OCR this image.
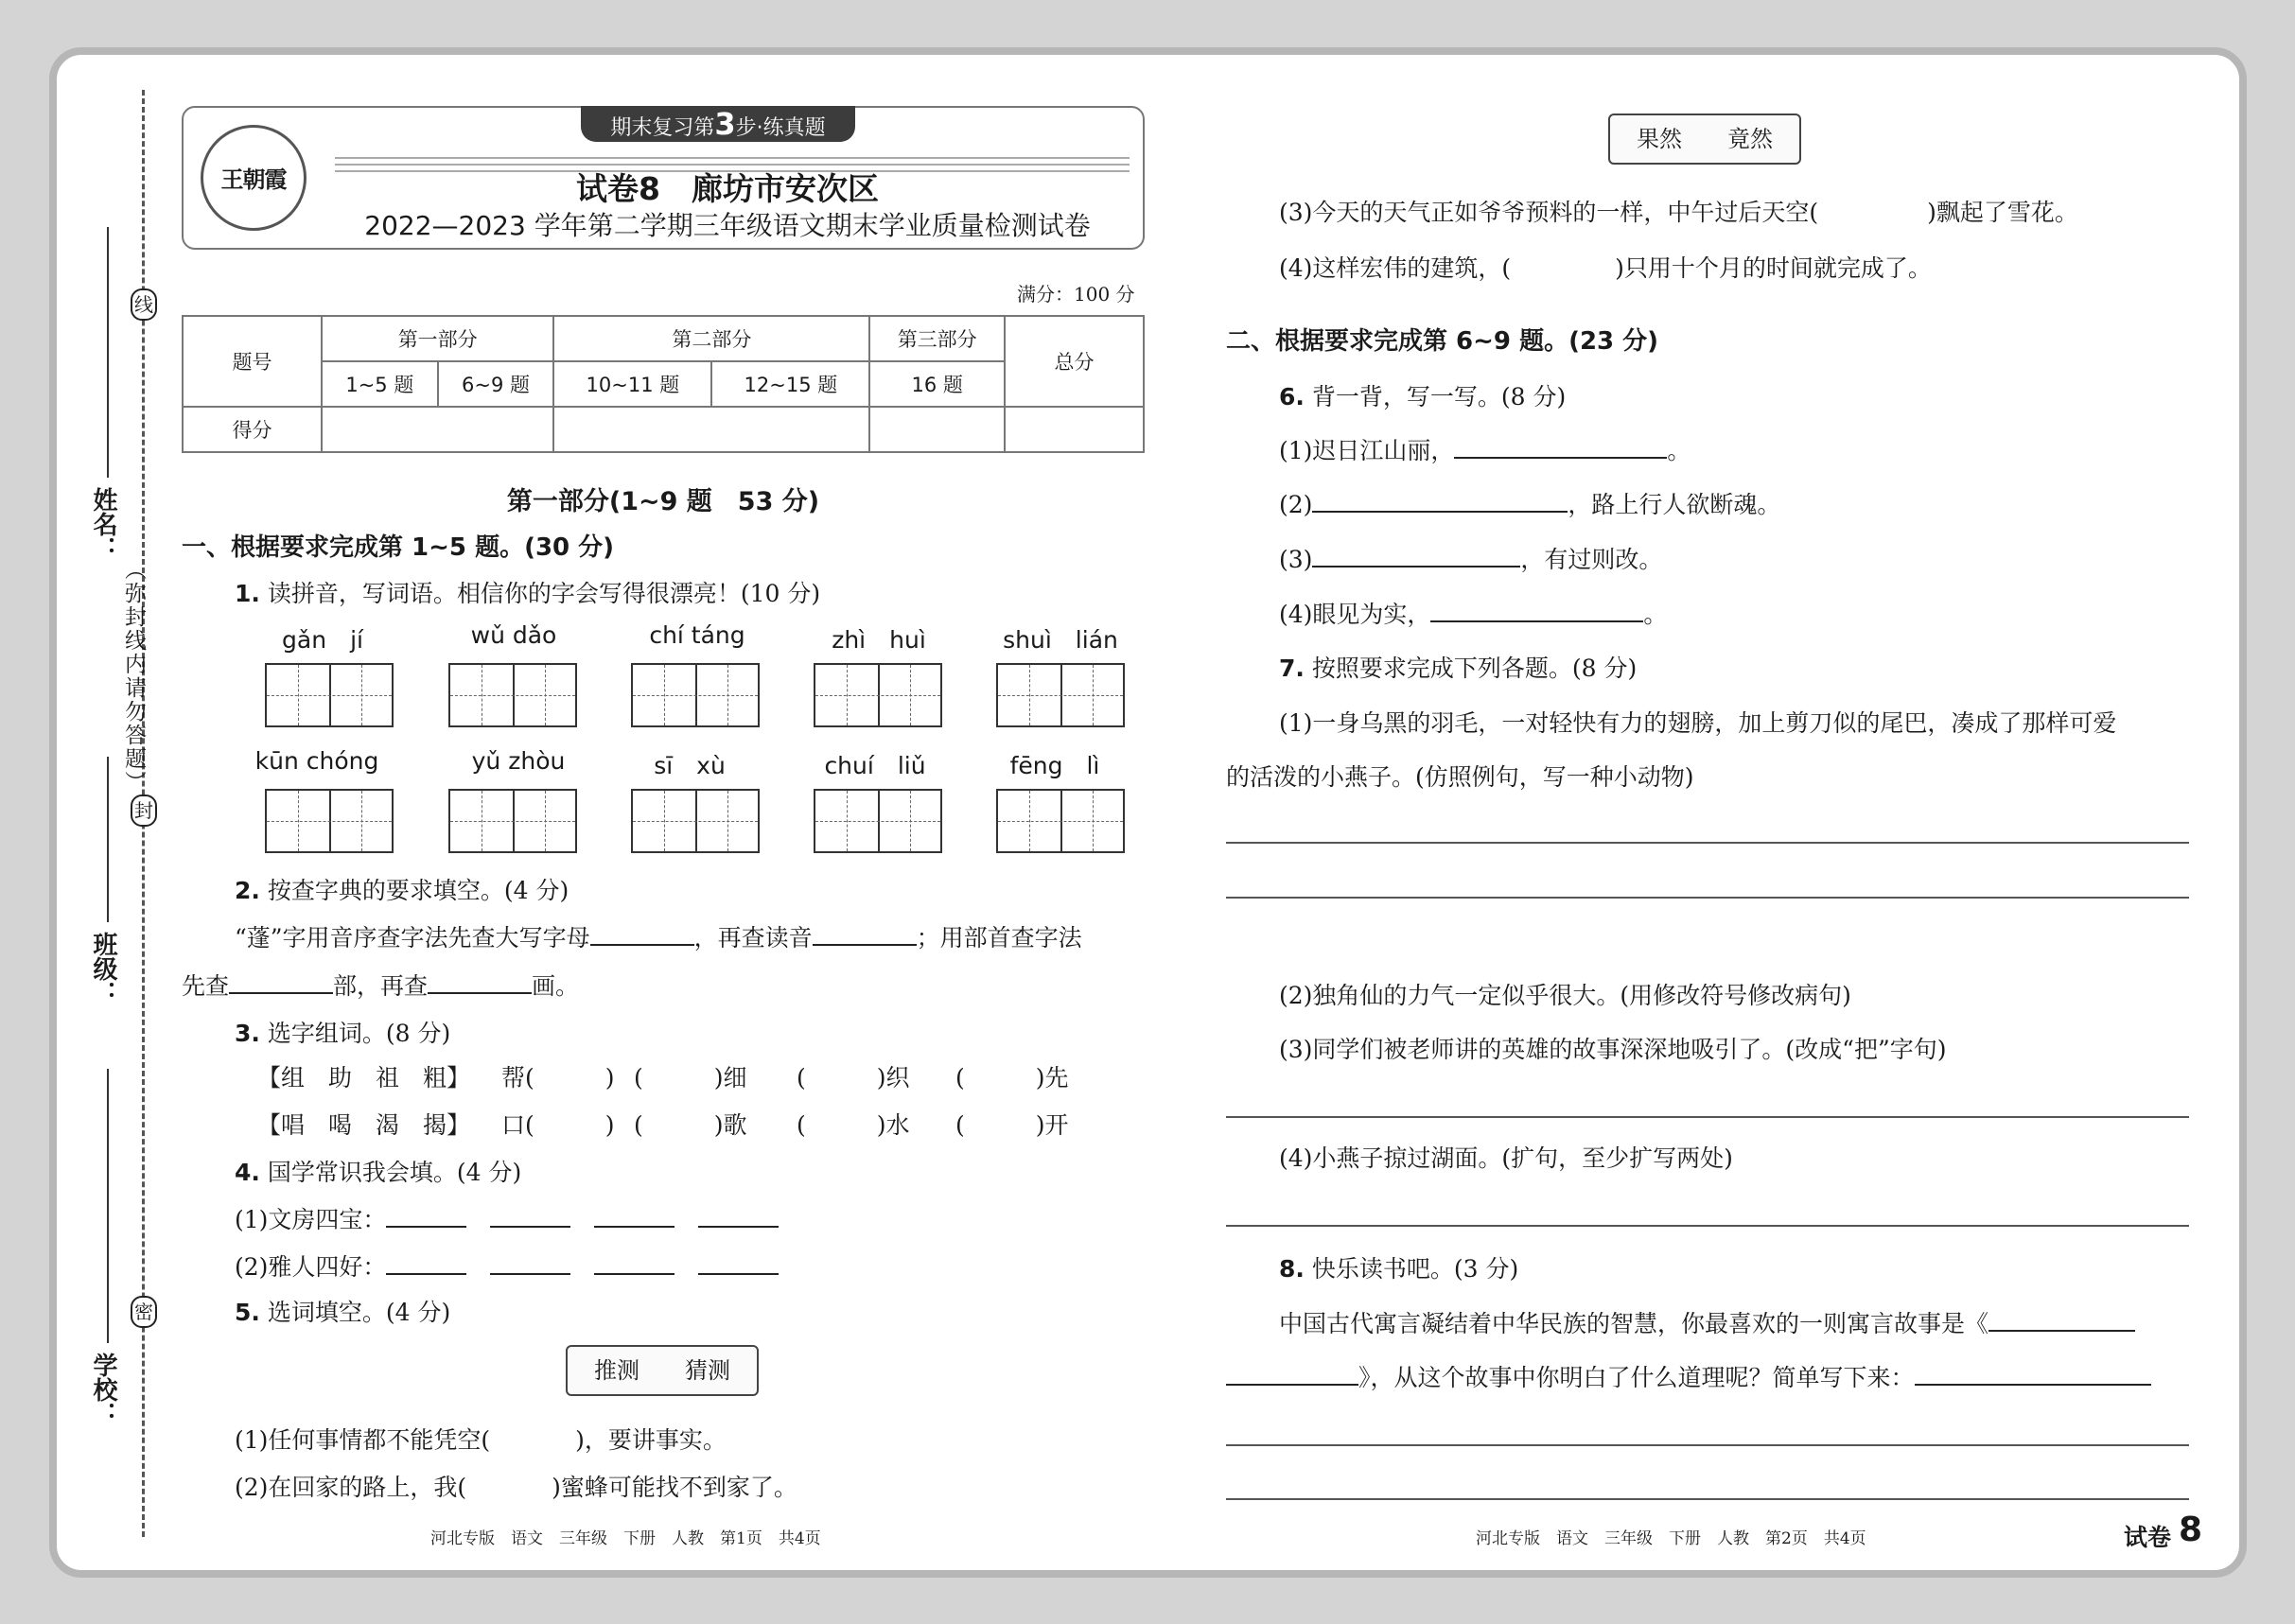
线
封
密
（弥封线内请勿答题）
姓名：
班级：
学校：
期末复习第3步·练真题
王朝霞	试卷8　廊坊市安次区
2022—2023 学年第二学期三年级语文期末学业质量检测试卷
满分：100 分
题号	第一部分		第二部分		第三部分	总分
	1~5 题	6~9 题	10~11 题	12~15 题	16 题	
得分						
第一部分(1~9 题　53 分)
一、根据要求完成第 1~5 题。(30 分)
1. 读拼音，写词语。相信你的字会写得很漂亮！(10 分)
gǎn　jí	wǔ dǎo	chí táng	zhì　huì	shuì　lián
kūn chóng	yǔ zhòu	sī　xù	chuí　liǔ	fēng　lì
2. 按查字典的要求填空。(4 分)
“蓬”字用音序查字法先查大写字母	，再查读音	；用部首查字法
先查	部，再查	画。
3. 选字组词。(8 分)
【组　助　祖　粗】 帮(　　　) (　　　)细 (　　　)织 (　　　)先
【唱　喝　渴　揭】 口(　　　) (　　　)歌 (　　　)水 (　　　)开
4. 国学常识我会填。(4 分)
(1)文房四宝：　　　
(2)雅人四好：　　　
5. 选词填空。(4 分)
推测　　猜测
(1)任何事情都不能凭空(	)，要讲事实。
(2)在回家的路上，我(	)蜜蜂可能找不到家了。
河北专版　语文　三年级　下册　人教　第1页　共4页
果然　　竟然
(3)今天的天气正如爷爷预料的一样，中午过后天空(	)飘起了雪花。
(4)这样宏伟的建筑，(	)只用十个月的时间就完成了。
二、根据要求完成第 6~9 题。(23 分)
6. 背一背，写一写。(8 分)
(1)迟日江山丽，	。
(2)	，路上行人欲断魂。
(3)	，有过则改。
(4)眼见为实，	。
7. 按照要求完成下列各题。(8 分)
(1)一身乌黑的羽毛，一对轻快有力的翅膀，加上剪刀似的尾巴，凑成了那样可爱
的活泼的小燕子。(仿照例句，写一种小动物)
(2)独角仙的力气一定似乎很大。(用修改符号修改病句)
(3)同学们被老师讲的英雄的故事深深地吸引了。(改成“把”字句)
(4)小燕子掠过湖面。(扩句，至少扩写两处)
8. 快乐读书吧。(3 分)
中国古代寓言凝结着中华民族的智慧，你最喜欢的一则寓言故事是《
》，从这个故事中你明白了什么道理呢？简单写下来：
河北专版　语文　三年级　下册　人教　第2页　共4页	试卷 8
